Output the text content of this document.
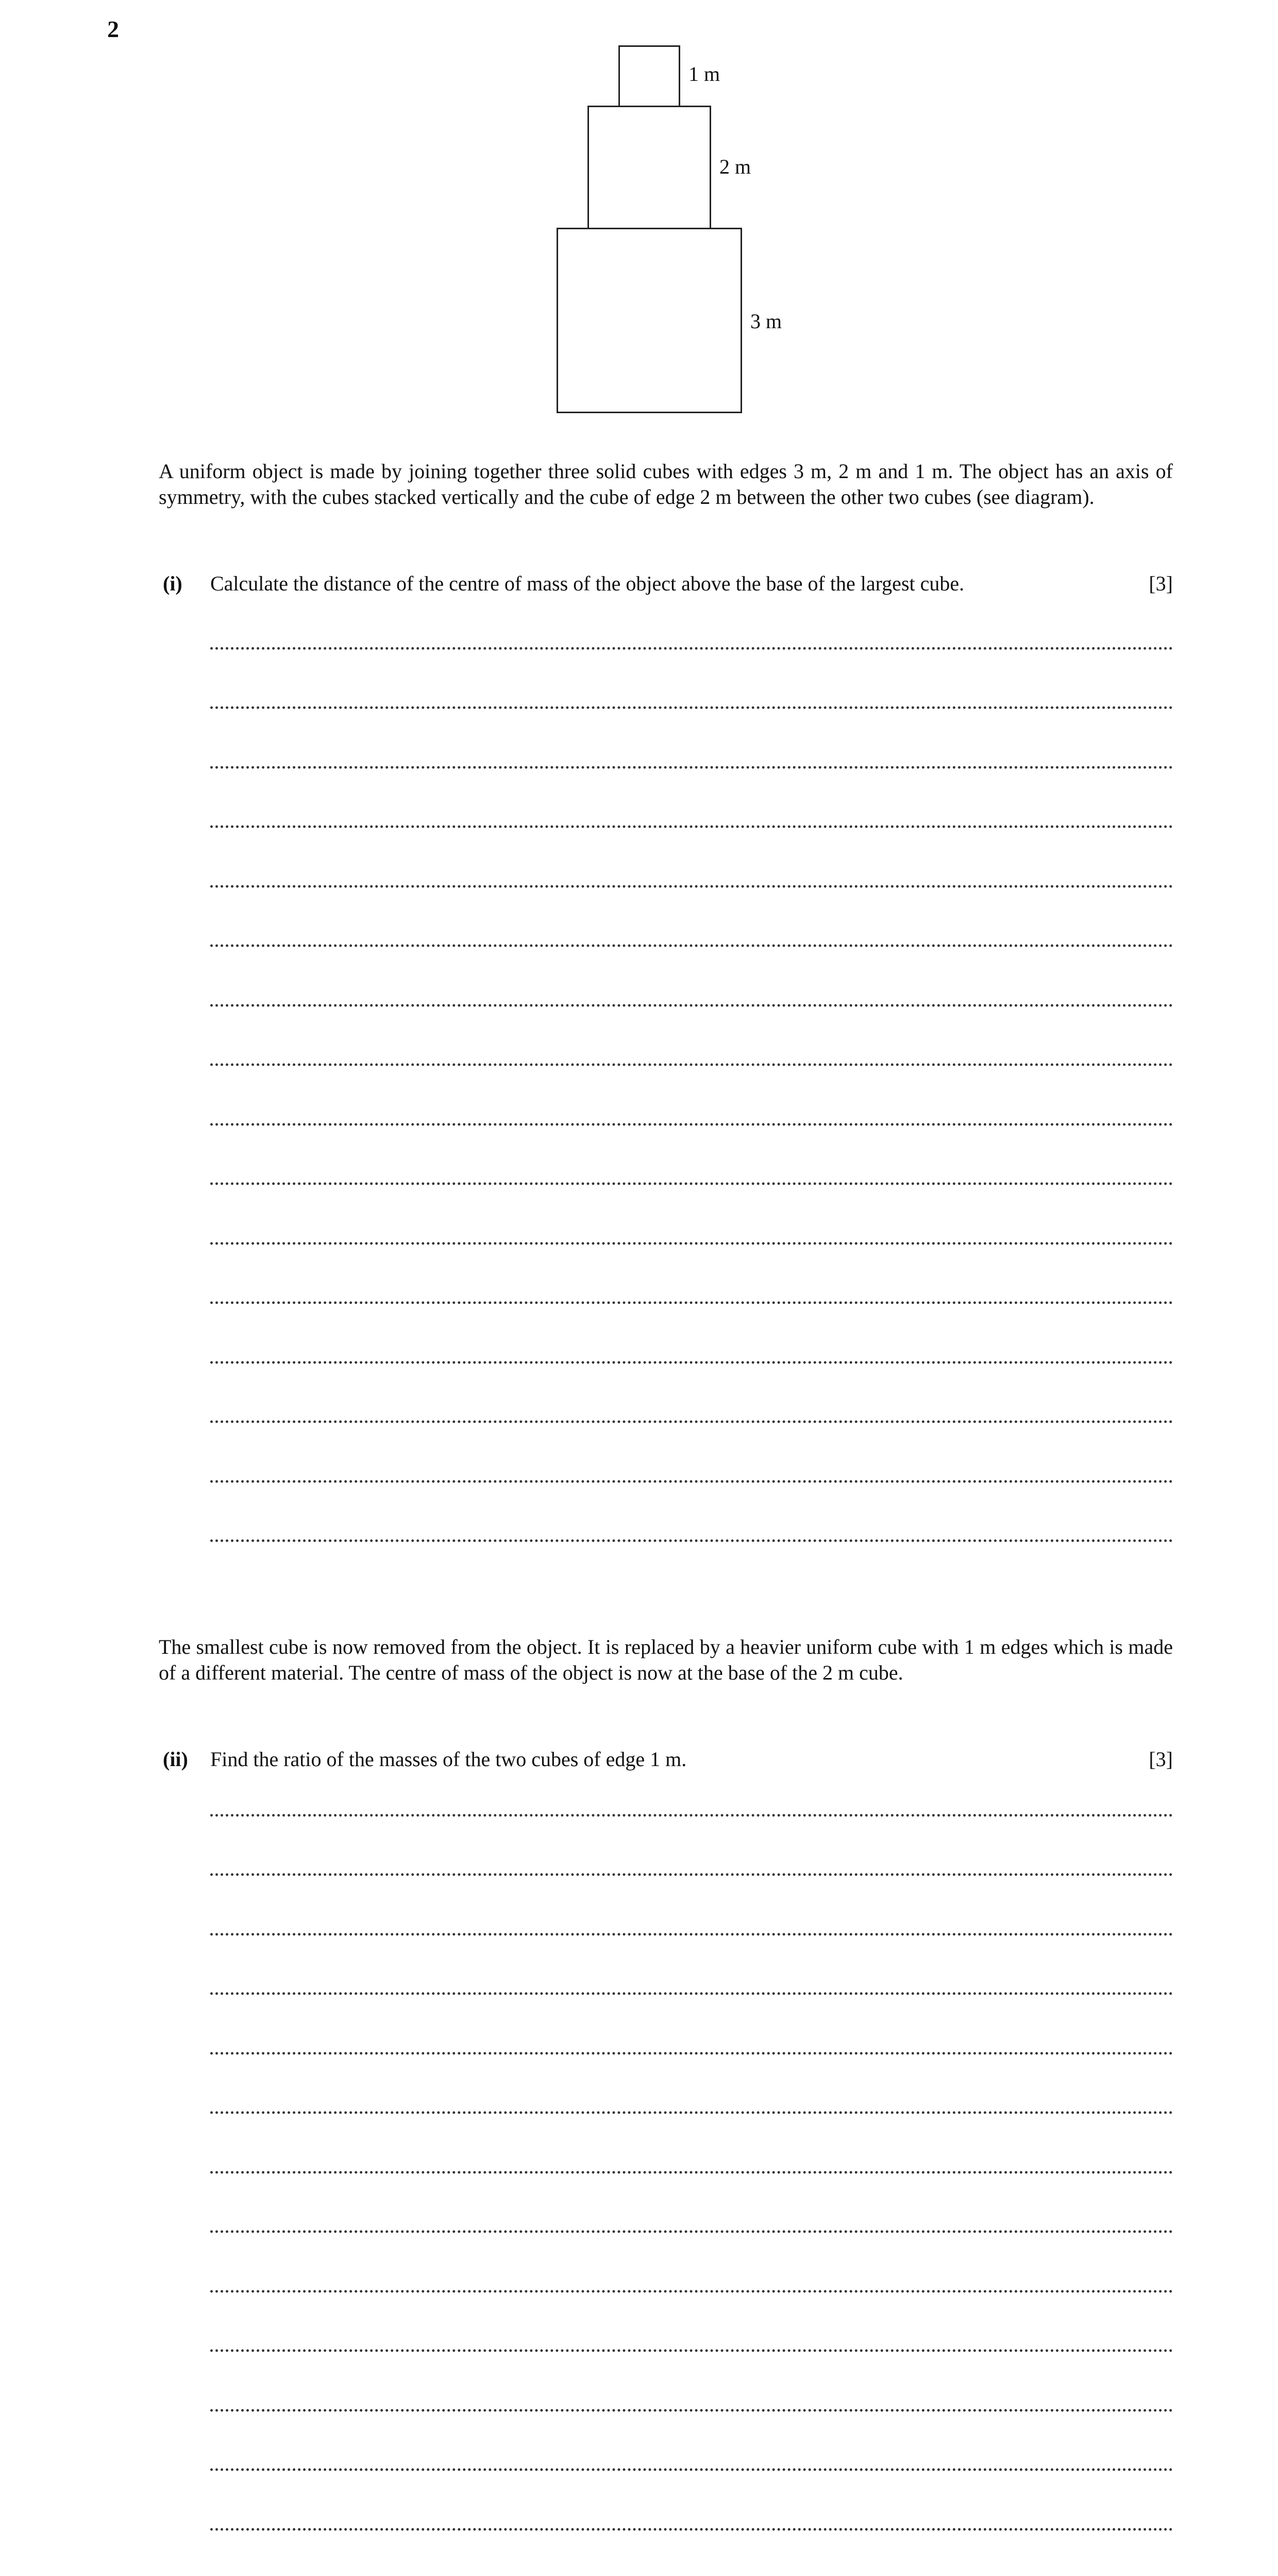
2
1 m
2 m
3 m
A uniform object is made by joining together three solid cubes with edges 3 m, 2 m and 1 m. The object has an axis of symmetry, with the cubes stacked vertically and the cube of edge 2 m between the other two cubes (see diagram).
(i) Calculate the distance of the centre of mass of the object above the base of the largest cube.	[3]
The smallest cube is now removed from the object. It is replaced by a heavier uniform cube with 1 m edges which is made of a different material. The centre of mass of the object is now at the base of the 2 m cube.
(ii) Find the ratio of the masses of the two cubes of edge 1 m.	[3]
